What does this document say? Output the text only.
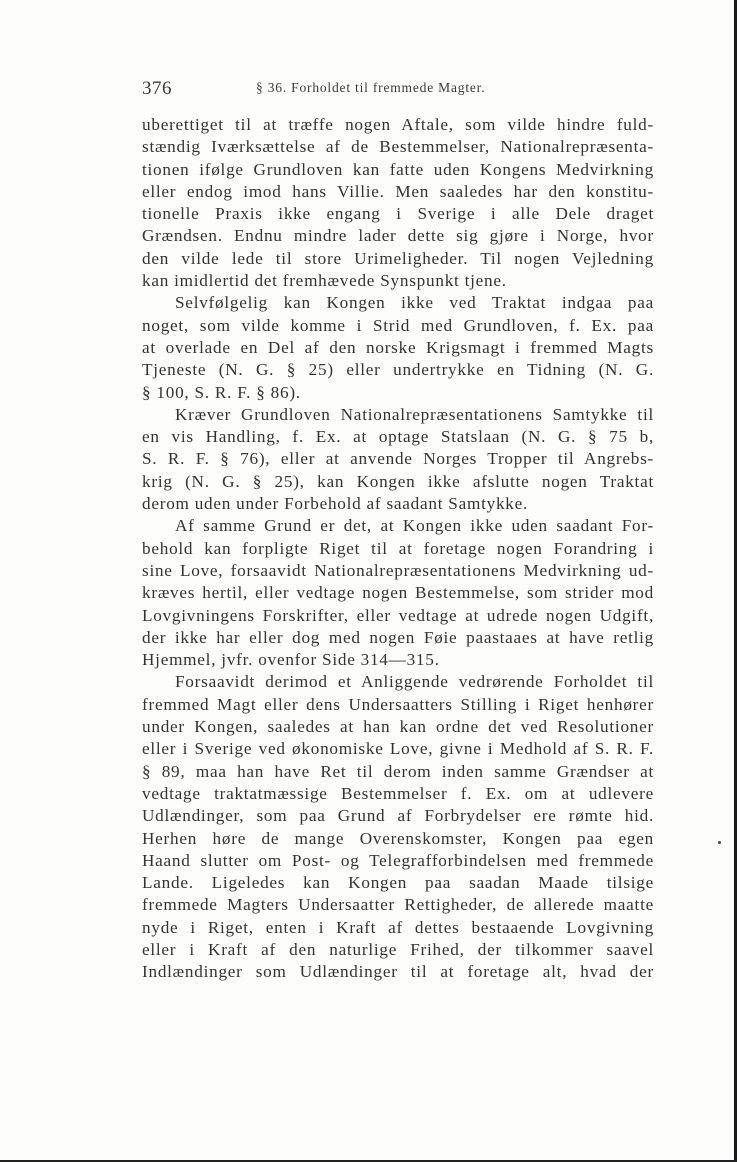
376	§ 36. Forholdet til fremmede Magter.
uberettiget til at træffe nogen Aftale, som vilde hindre fuld-
stændig Iværksættelse af de Bestemmelser, Nationalrepræsenta-
tionen ifølge Grundloven kan fatte uden Kongens Medvirkning
eller endog imod hans Villie. Men saaledes har den konstitu-
tionelle Praxis ikke engang i Sverige i alle Dele draget
Grændsen. Endnu mindre lader dette sig gjøre i Norge, hvor
den vilde lede til store Urimeligheder. Til nogen Vejledning
kan imidlertid det fremhævede Synspunkt tjene.
Selvfølgelig kan Kongen ikke ved Traktat indgaa paa
noget, som vilde komme i Strid med Grundloven, f. Ex. paa
at overlade en Del af den norske Krigsmagt i fremmed Magts
Tjeneste (N. G. § 25) eller undertrykke en Tidning (N. G.
§ 100, S. R. F. § 86).
Kræver Grundloven Nationalrepræsentationens Samtykke til
en vis Handling, f. Ex. at optage Statslaan (N. G. § 75 b,
S. R. F. § 76), eller at anvende Norges Tropper til Angrebs-
krig (N. G. § 25), kan Kongen ikke afslutte nogen Traktat
derom uden under Forbehold af saadant Samtykke.
Af samme Grund er det, at Kongen ikke uden saadant For-
behold kan forpligte Riget til at foretage nogen Forandring i
sine Love, forsaavidt Nationalrepræsentationens Medvirkning ud-
kræves hertil, eller vedtage nogen Bestemmelse, som strider mod
Lovgivningens Forskrifter, eller vedtage at udrede nogen Udgift,
der ikke har eller dog med nogen Føie paastaaes at have retlig
Hjemmel, jvfr. ovenfor Side 314—315.
Forsaavidt derimod et Anliggende vedrørende Forholdet til
fremmed Magt eller dens Undersaatters Stilling i Riget henhører
under Kongen, saaledes at han kan ordne det ved Resolutioner
eller i Sverige ved økonomiske Love, givne i Medhold af S. R. F.
§ 89, maa han have Ret til derom inden samme Grændser at
vedtage traktatmæssige Bestemmelser f. Ex. om at udlevere
Udlændinger, som paa Grund af Forbrydelser ere rømte hid.
Herhen høre de mange Overenskomster, Kongen paa egen
Haand slutter om Post- og Telegrafforbindelsen med fremmede
Lande. Ligeledes kan Kongen paa saadan Maade tilsige
fremmede Magters Undersaatter Rettigheder, de allerede maatte
nyde i Riget, enten i Kraft af dettes bestaaende Lovgivning
eller i Kraft af den naturlige Frihed, der tilkommer saavel
Indlændinger som Udlændinger til at foretage alt, hvad der
